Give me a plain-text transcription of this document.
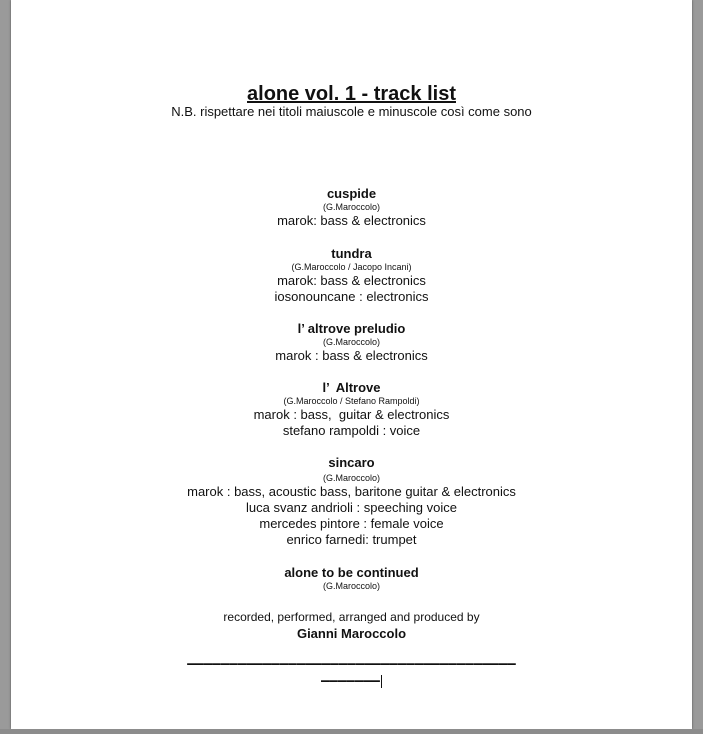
alone vol. 1 - track list
N.B. rispettare nei titoli maiuscole e minuscole così come sono
cuspide
(G.Maroccolo)
marok: bass & electronics
tundra
(G.Maroccolo / Jacopo Incani)
marok: bass & electronics
iosonouncane : electronics
l’ altrove preludio
(G.Maroccolo)
marok : bass & electronics
l’  Altrove
(G.Maroccolo / Stefano Rampoldi)
marok : bass,  guitar & electronics
stefano rampoldi : voice
sincaro
(G.Maroccolo)
marok : bass, acoustic bass, baritone guitar & electronics
luca svanz andrioli : speeching voice
mercedes pintore : female voice
enrico farnedi: trumpet
alone to be continued
(G.Maroccolo)
recorded, performed, arranged and produced by
Gianni Maroccolo
———————————————————————————————————————
———————
